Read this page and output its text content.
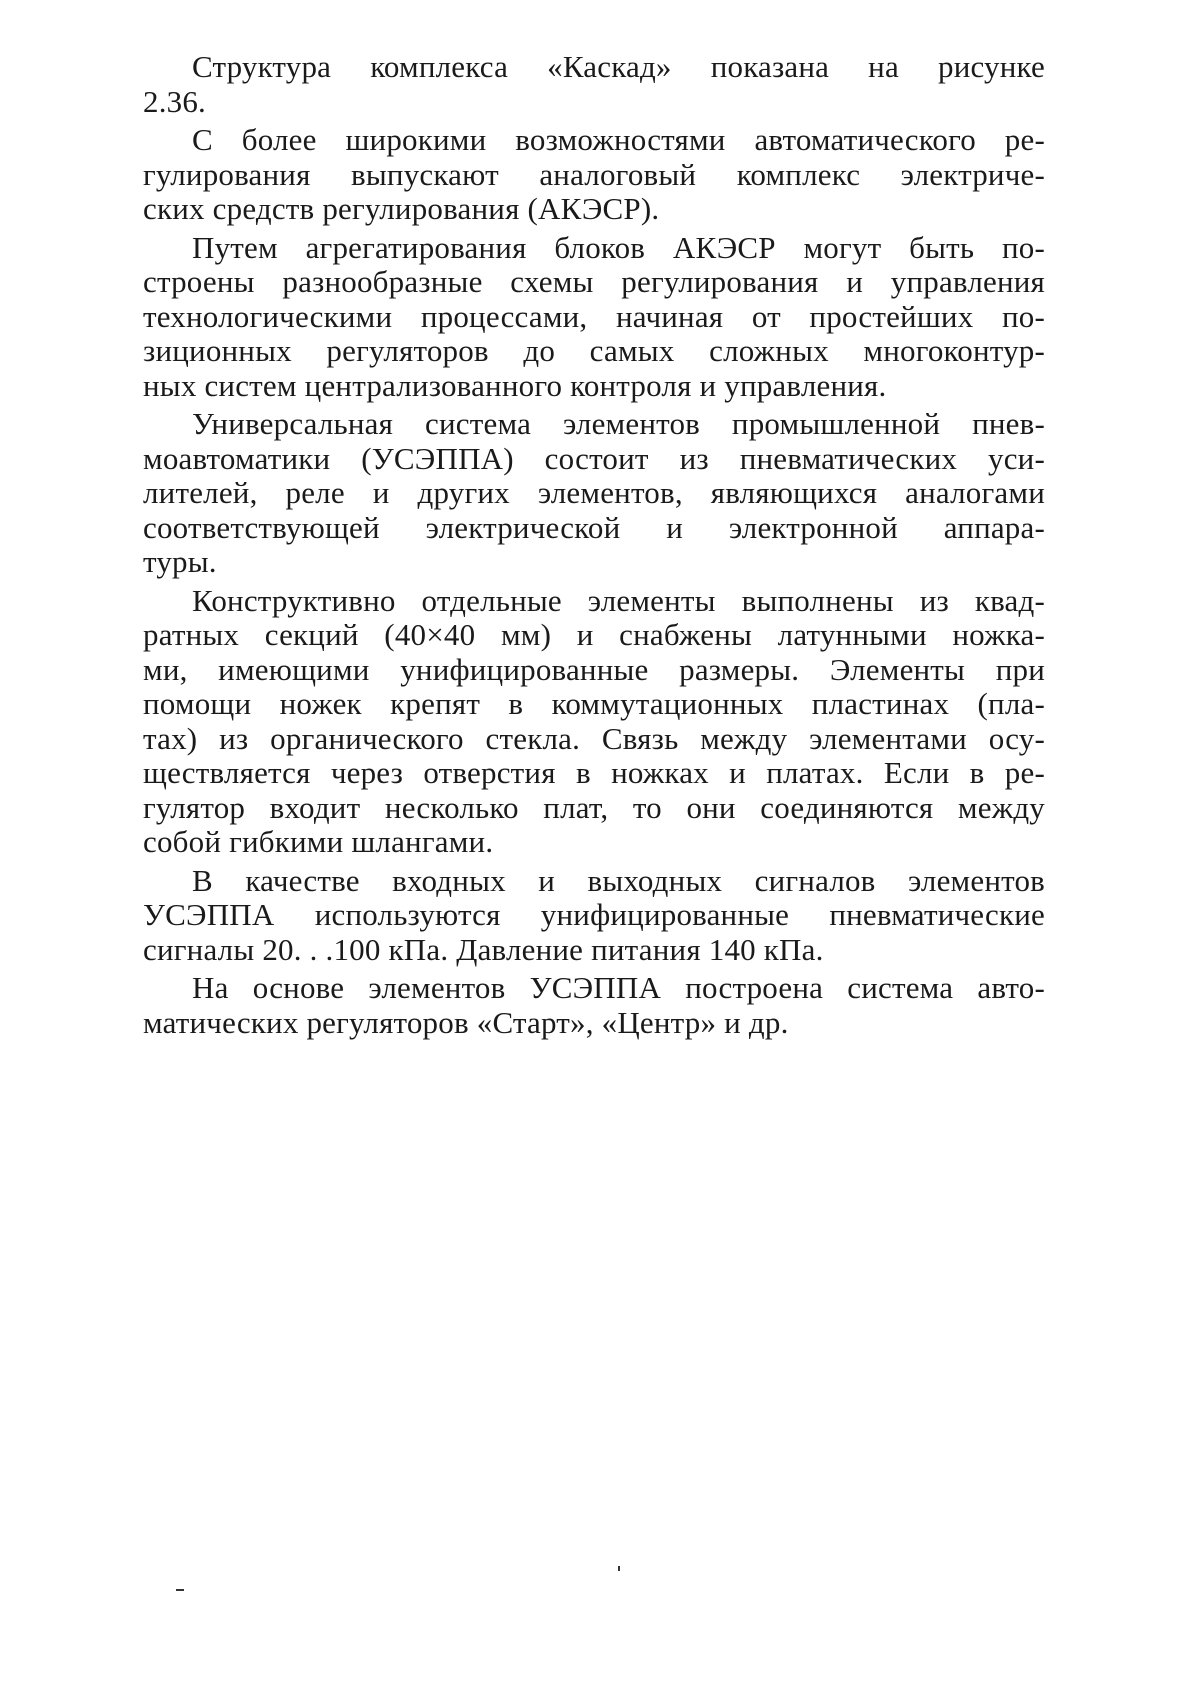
Структура комплекса «Каскад» показана на рисунке
2.36.
С более широкими возможностями автоматического ре-
гулирования выпускают аналоговый комплекс электриче-
ских средств регулирования (АКЭСР).
Путем агрегатирования блоков АКЭСР могут быть по-
строены разнообразные схемы регулирования и управления
технологическими процессами, начиная от простейших по-
зиционных регуляторов до самых сложных многоконтур-
ных систем централизованного контроля и управления.
Универсальная система элементов промышленной пнев-
моавтоматики (УСЭППА) состоит из пневматических уси-
лителей, реле и других элементов, являющихся аналогами
соответствующей электрической и электронной аппара-
туры.
Конструктивно отдельные элементы выполнены из квад-
ратных секций (40×40 мм) и снабжены латунными ножка-
ми, имеющими унифицированные размеры. Элементы при
помощи ножек крепят в коммутационных пластинах (пла-
тах) из органического стекла. Связь между элементами осу-
ществляется через отверстия в ножках и платах. Если в ре-
гулятор входит несколько плат, то они соединяются между
собой гибкими шлангами.
В качестве входных и выходных сигналов элементов
УСЭППА используются унифицированные пневматические
сигналы 20. . .100 кПа. Давление питания 140 кПа.
На основе элементов УСЭППА построена система авто-
матических регуляторов «Старт», «Центр» и др.
